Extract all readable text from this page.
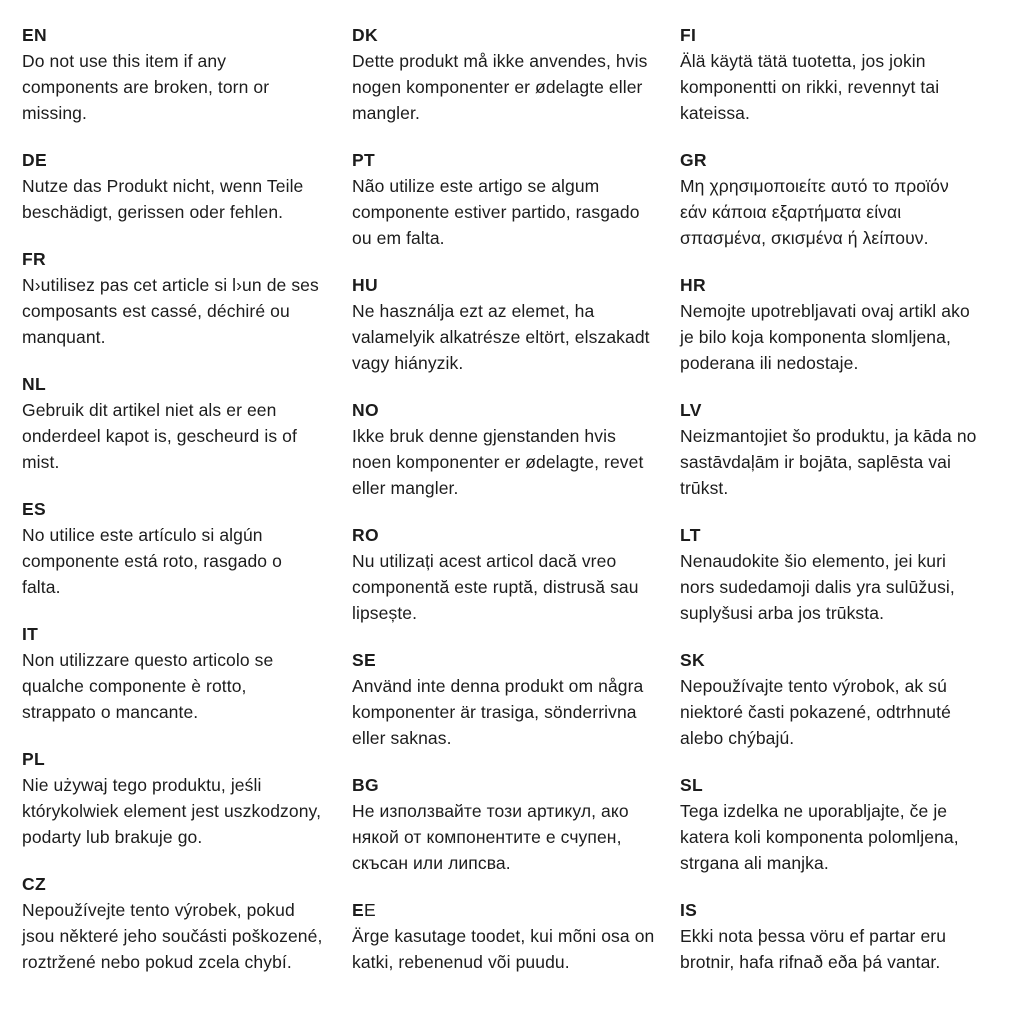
EN
Do not use this item if any
components are broken, torn or
missing.
DE
Nutze das Produkt nicht, wenn Teile
beschädigt, gerissen oder fehlen.
FR
N›utilisez pas cet article si l›un de ses
composants est cassé, déchiré ou
manquant.
NL
Gebruik dit artikel niet als er een
onderdeel kapot is, gescheurd is of
mist.
ES
No utilice este artículo si algún
componente está roto, rasgado o
falta.
IT
Non utilizzare questo articolo se
qualche componente è rotto,
strappato o mancante.
PL
Nie używaj tego produktu, jeśli
którykolwiek element jest uszkodzony,
podarty lub brakuje go.
CZ
Nepoužívejte tento výrobek, pokud
jsou některé jeho součásti poškozené,
roztržené nebo pokud zcela chybí.
DK
Dette produkt må ikke anvendes, hvis
nogen komponenter er ødelagte eller
mangler.
PT
Não utilize este artigo se algum
componente estiver partido, rasgado
ou em falta.
HU
Ne használja ezt az elemet, ha
valamelyik alkatrésze eltört, elszakadt
vagy hiányzik.
NO
Ikke bruk denne gjenstanden hvis
noen komponenter er ødelagte, revet
eller mangler.
RO
Nu utilizați acest articol dacă vreo
componentă este ruptă, distrusă sau
lipsește.
SE
Använd inte denna produkt om några
komponenter är trasiga, sönderrivna
eller saknas.
BG
Не използвайте този артикул, ако
някой от компонентите е счупен,
скъсан или липсва.
EE
Ärge kasutage toodet, kui mõni osa on
katki, rebenenud või puudu.
FI
Älä käytä tätä tuotetta, jos jokin
komponentti on rikki, revennyt tai
kateissa.
GR
Μη χρησιμοποιείτε αυτό το προϊόν
εάν κάποια εξαρτήματα είναι
σπασμένα, σκισμένα ή λείπουν.
HR
Nemojte upotrebljavati ovaj artikl ako
je bilo koja komponenta slomljena,
poderana ili nedostaje.
LV
Neizmantojiet šo produktu, ja kāda no
sastāvdaļām ir bojāta, saplēsta vai
trūkst.
LT
Nenaudokite šio elemento, jei kuri
nors sudedamoji dalis yra sulūžusi,
suplyšusi arba jos trūksta.
SK
Nepoužívajte tento výrobok, ak sú
niektoré časti pokazené, odtrhnuté
alebo chýbajú.
SL
Tega izdelka ne uporabljajte, če je
katera koli komponenta polomljena,
strgana ali manjka.
IS
Ekki nota þessa vöru ef partar eru
brotnir, hafa rifnað eða þá vantar.
